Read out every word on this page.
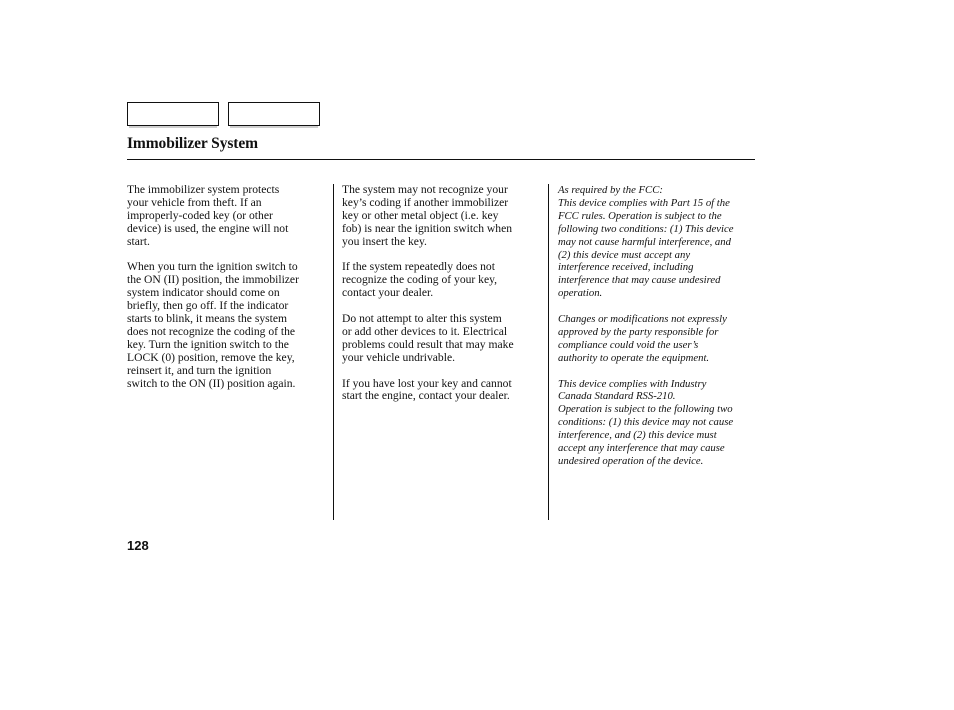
Immobilizer System

The immobilizer system protects
your vehicle from theft. If an
improperly-coded key (or other
device) is used, the engine will not
start.

When you turn the ignition switch to
the ON (II) position, the immobilizer
system indicator should come on
briefly, then go off. If the indicator
starts to blink, it means the system
does not recognize the coding of the
key. Turn the ignition switch to the
LOCK (0) position, remove the key,
reinsert it, and turn the ignition
switch to the ON (II) position again.

The system may not recognize your
key’s coding if another immobilizer
key or other metal object (i.e. key
fob) is near the ignition switch when
you insert the key.

If the system repeatedly does not
recognize the coding of your key,
contact your dealer.

Do not attempt to alter this system
or add other devices to it. Electrical
problems could result that may make
your vehicle undrivable.

If you have lost your key and cannot
start the engine, contact your dealer.

As required by the FCC:
This device complies with Part 15 of the
FCC rules. Operation is subject to the
following two conditions: (1) This device
may not cause harmful interference, and
(2) this device must accept any
interference received, including
interference that may cause undesired
operation.

Changes or modifications not expressly
approved by the party responsible for
compliance could void the user’s
authority to operate the equipment.

This device complies with Industry
Canada Standard RSS-210.
Operation is subject to the following two
conditions: (1) this device may not cause
interference, and (2) this device must
accept any interference that may cause
undesired operation of the device.

128
